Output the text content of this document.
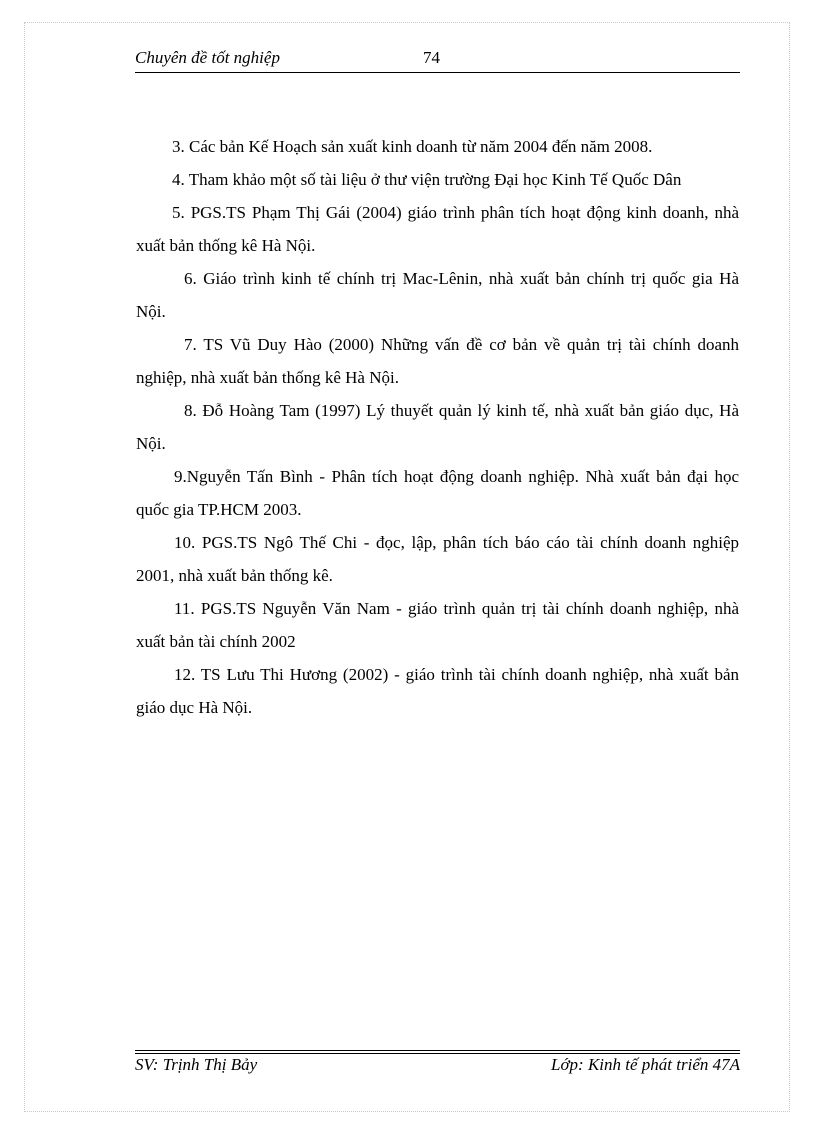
Chuyên đề tốt nghiệp	74

3. Các bản Kế Hoạch sản xuất kinh doanh từ năm 2004 đến năm 2008.

4. Tham khảo một số tài liệu ở thư viện trường Đại học Kinh Tế Quốc Dân

5. PGS.TS Phạm Thị Gái (2004) giáo trình phân tích hoạt động kinh doanh, nhà xuất bản thống kê Hà Nội.

6. Giáo trình kinh tế chính trị Mac-Lênin, nhà xuất bản chính trị quốc gia Hà Nội.

7. TS Vũ Duy Hào (2000) Những vấn đề cơ bản về quản trị tài chính doanh nghiệp, nhà xuất bản thống kê Hà Nội.

8. Đỗ Hoàng Tam (1997) Lý thuyết quản lý kinh tế, nhà xuất bản giáo dục, Hà Nội.

9.Nguyễn Tấn Bình - Phân tích hoạt động doanh nghiệp. Nhà xuất bản đại học quốc gia TP.HCM 2003.

10. PGS.TS Ngô Thế Chi - đọc, lập, phân tích báo cáo tài chính doanh nghiệp 2001, nhà xuất bản thống kê.

11. PGS.TS Nguyễn Văn Nam - giáo trình quản trị tài chính doanh nghiệp, nhà xuất bản tài chính 2002

12. TS Lưu Thi Hương (2002) - giáo trình tài chính doanh nghiệp, nhà xuất bản giáo dục Hà Nội.

SV: Trịnh Thị Bảy	Lớp: Kinh tế phát triển 47A
